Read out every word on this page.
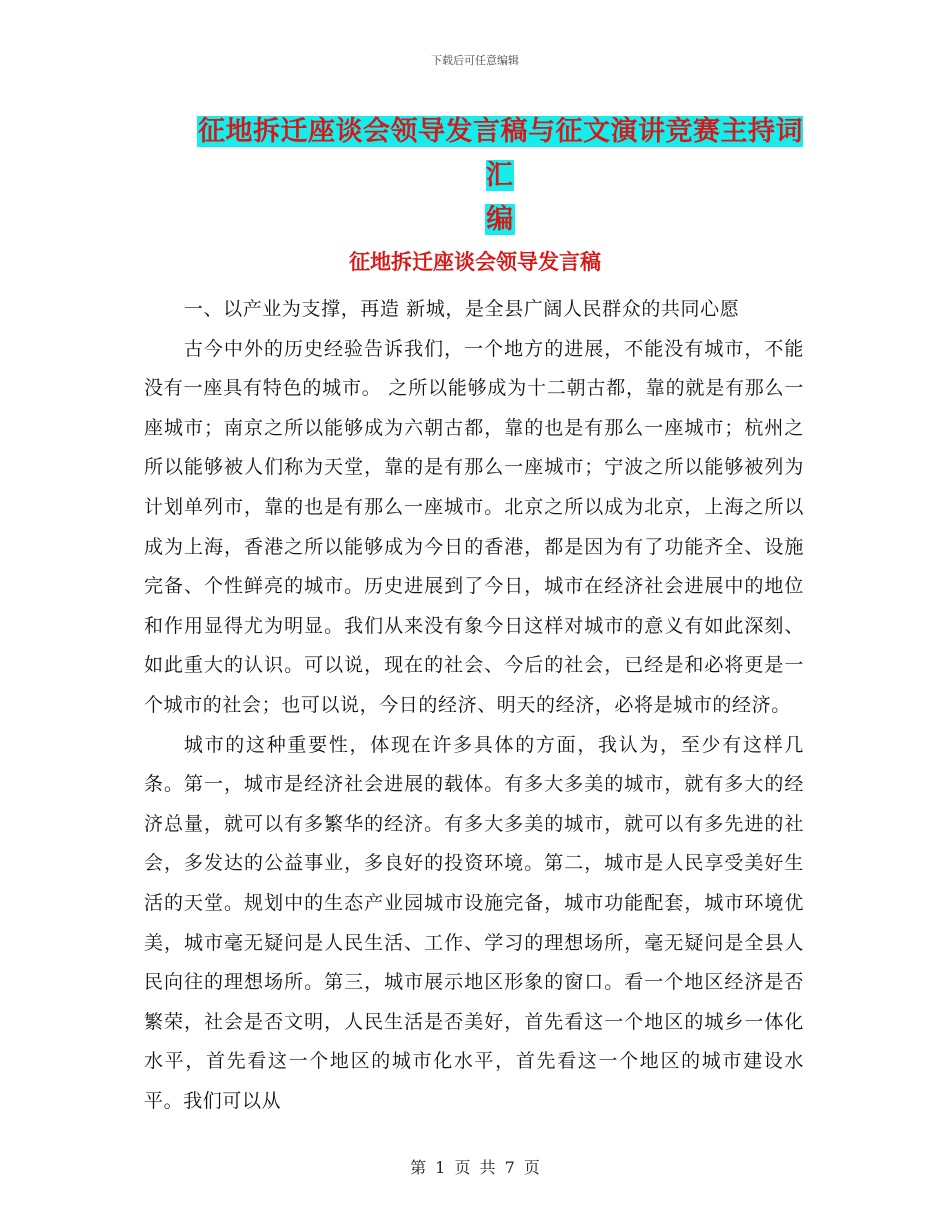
下载后可任意编辑
征地拆迁座谈会领导发言稿与征文演讲竞赛主持词汇
编
征地拆迁座谈会领导发言稿

一、以产业为支撑，再造 新城，是全县广阔人民群众的共同心愿

古今中外的历史经验告诉我们，一个地方的进展，不能没有城市，不能没有一座具有特色的城市。 之所以能够成为十二朝古都，靠的就是有那么一座城市；南京之所以能够成为六朝古都，靠的也是有那么一座城市；杭州之所以能够被人们称为天堂，靠的是有那么一座城市；宁波之所以能够被列为计划单列市，靠的也是有那么一座城市。北京之所以成为北京，上海之所以成为上海，香港之所以能够成为今日的香港，都是因为有了功能齐全、设施完备、个性鲜亮的城市。历史进展到了今日，城市在经济社会进展中的地位和作用显得尤为明显。我们从来没有象今日这样对城市的意义有如此深刻、如此重大的认识。可以说，现在的社会、今后的社会，已经是和必将更是一个城市的社会；也可以说，今日的经济、明天的经济，必将是城市的经济。

城市的这种重要性，体现在许多具体的方面，我认为，至少有这样几条。第一，城市是经济社会进展的载体。有多大多美的城市，就有多大的经济总量，就可以有多繁华的经济。有多大多美的城市，就可以有多先进的社会，多发达的公益事业，多良好的投资环境。第二，城市是人民享受美好生活的天堂。规划中的生态产业园城市设施完备，城市功能配套，城市环境优美，城市毫无疑问是人民生活、工作、学习的理想场所，毫无疑问是全县人民向往的理想场所。第三，城市展示地区形象的窗口。看一个地区经济是否繁荣，社会是否文明，人民生活是否美好，首先看这一个地区的城乡一体化水平，首先看这一个地区的城市化水平，首先看这一个地区的城市建设水平。我们可以从

第 1 页 共 7 页
